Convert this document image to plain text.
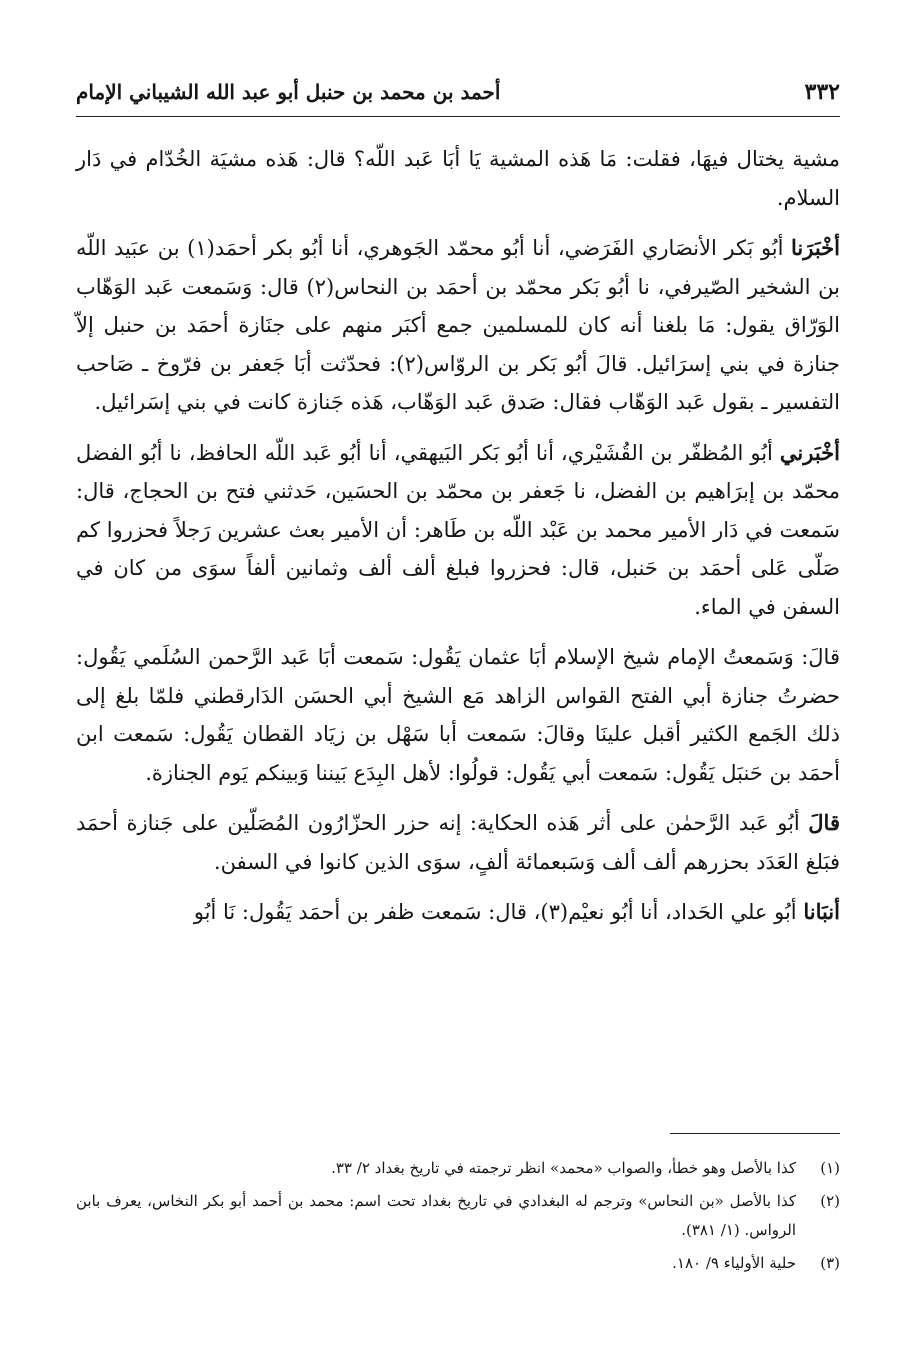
٣٣٢
أحمد بن محمد بن حنبل أبو عبد الله الشيباني الإمام

مشية يختال فيهَا، فقلت: مَا هَذه المشية يَا أبَا عَبد اللّه؟ قال: هَذه مشيَة الخُدّام في دَار السلام.

أخْبَرَنا أبُو بَكر الأنصَاري الفَرَضي، أنا أبُو محمّد الجَوهري، أنا أبُو بكر أحمَد(١) بن عبَيد اللّه بن الشخير الصّيرفي، نا أبُو بَكر محمّد بن أحمَد بن النحاس(٢) قال: وَسَمعت عَبد الوَهّاب الوَرّاق يقول: مَا بلغنا أنه كان للمسلمين جمع أكبَر منهم على جنَازة أحمَد بن حنبل إلاّ جنازة في بني إسرَائيل. قالَ أبُو بَكر بن الروّاس(٢): فحدّثت أبَا جَعفر بن فرّوخ ـ صَاحب التفسير ـ بقول عَبد الوَهّاب فقال: صَدق عَبد الوَهّاب، هَذه جَنازة كانت في بني إسَرائيل.

أخْبَرني أبُو المُظفّر بن القُشَيْري، أنا أبُو بَكر البَيهقي، أنا أبُو عَبد اللّه الحافظ، نا أبُو الفضل محمّد بن إبرَاهيم بن الفضل، نا جَعفر بن محمّد بن الحسَين، حَدثني فتح بن الحجاج، قال: سَمعت في دَار الأمير محمد بن عَبْد اللّه بن طَاهر: أن الأمير بعث عشرين رَجلاً فحزروا كم صَلّى عَلى أحمَد بن حَنبل، قال: فحزروا فبلغ ألف ألف وثمانين ألفاً سوَى من كان في السفن في الماء.

قالَ: وَسَمعتُ الإمام شيخ الإسلام أبَا عثمان يَقُول: سَمعت أبَا عَبد الرَّحمن السُلَمي يَقُول: حضرتُ جنازة أبي الفتح القواس الزاهد مَع الشيخ أبي الحسَن الدَارقطني فلمّا بلغ إلى ذلك الجَمع الكثير أقبل علينَا وقالَ: سَمعت أبا سَهْل بن زيَاد القطان يَقُول: سَمعت ابن أحمَد بن حَنبَل يَقُول: سَمعت أبي يَقُول: قولُوا: لأهل البِدَع بَيننا وَبينكم يَوم الجنازة.

قالَ أبُو عَبد الرَّحمٰن على أثر هَذه الحكاية: إنه حزر الحزّارُون المُصَلّين على جَنازة أحمَد فبَلغ العَدَد بحزرهم ألف ألف وَسَبعمائة ألفٍ، سوَى الذين كانوا في السفن.

أنبَانا أبُو علي الحَداد، أنا أبُو نعيْم(٣)، قال: سَمعت ظفر بن أحمَد يَقُول: نَا أبُو

(١)
كذا بالأصل وهو خطأ، والصواب «محمد» انظر ترجمته في تاريخ بغداد ٢/ ٣٣.
(٢)
كذا بالأصل «بن النحاس» وترجم له البغدادي في تاريخ بغداد تحت اسم: محمد بن أحمد أبو بكر النخاس، يعرف بابن الرواس. (١/ ٣٨١).
(٣)
حلية الأولياء ٩/ ١٨٠.
